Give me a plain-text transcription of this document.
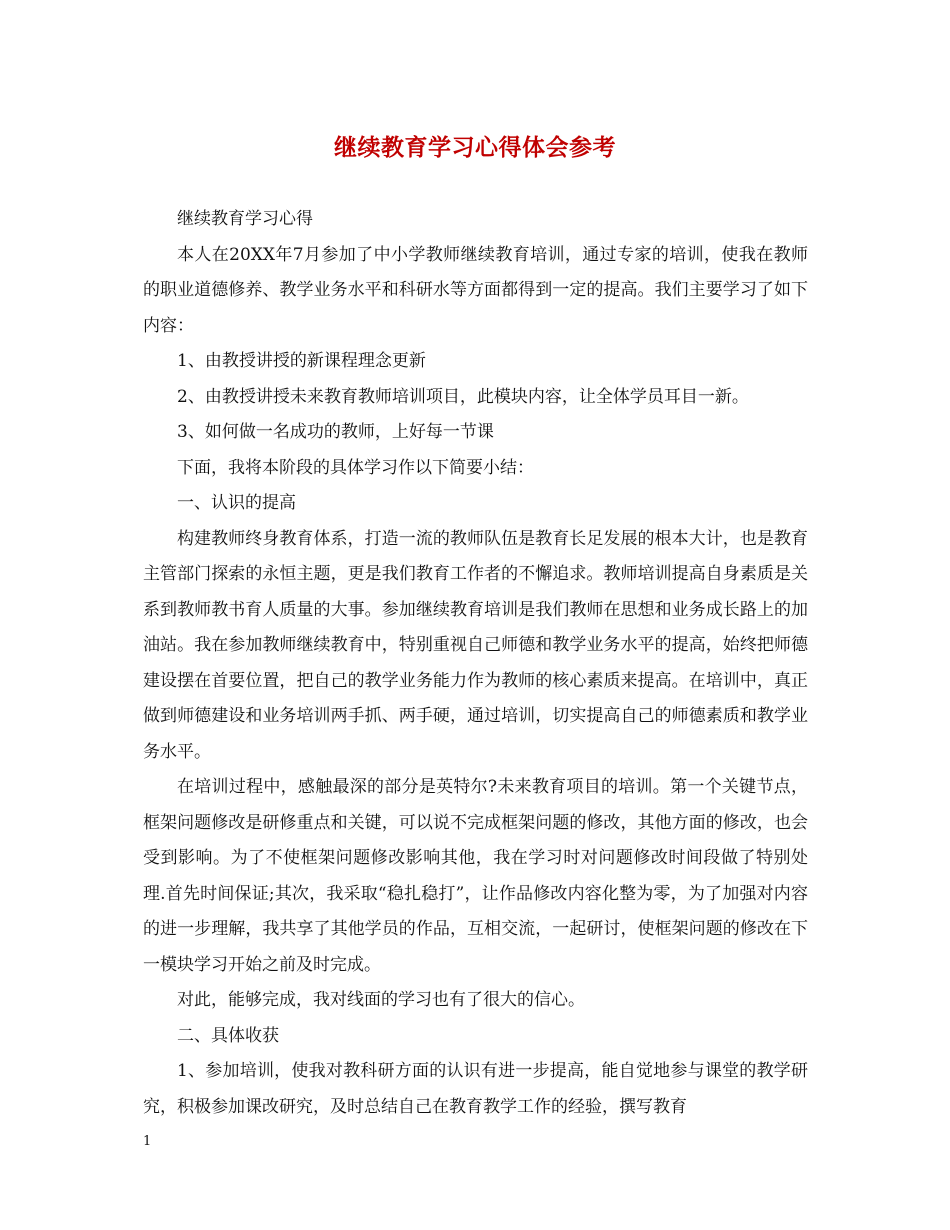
继续教育学习心得体会参考

继续教育学习心得

本人在20XX年7月参加了中小学教师继续教育培训，通过专家的培训，使我在教师的职业道德修养、教学业务水平和科研水等方面都得到一定的提高。我们主要学习了如下内容：

1、由教授讲授的新课程理念更新

2、由教授讲授未来教育教师培训项目，此模块内容，让全体学员耳目一新。

3、如何做一名成功的教师，上好每一节课

下面，我将本阶段的具体学习作以下简要小结：

一、认识的提高

构建教师终身教育体系，打造一流的教师队伍是教育长足发展的根本大计，也是教育主管部门探索的永恒主题，更是我们教育工作者的不懈追求。教师培训提高自身素质是关系到教师教书育人质量的大事。参加继续教育培训是我们教师在思想和业务成长路上的加油站。我在参加教师继续教育中，特别重视自己师德和教学业务水平的提高，始终把师德建设摆在首要位置，把自己的教学业务能力作为教师的核心素质来提高。在培训中，真正做到师德建设和业务培训两手抓、两手硬，通过培训，切实提高自己的师德素质和教学业务水平。

在培训过程中，感触最深的部分是英特尔?未来教育项目的培训。第一个关键节点，框架问题修改是研修重点和关键，可以说不完成框架问题的修改，其他方面的修改，也会受到影响。为了不使框架问题修改影响其他，我在学习时对问题修改时间段做了特别处理.首先时间保证;其次，我采取“稳扎稳打”，让作品修改内容化整为零，为了加强对内容的进一步理解，我共享了其他学员的作品，互相交流，一起研讨，使框架问题的修改在下一模块学习开始之前及时完成。

对此，能够完成，我对线面的学习也有了很大的信心。

二、具体收获

1、参加培训，使我对教科研方面的认识有进一步提高，能自觉地参与课堂的教学研究，积极参加课改研究，及时总结自己在教育教学工作的经验，撰写教育

1
